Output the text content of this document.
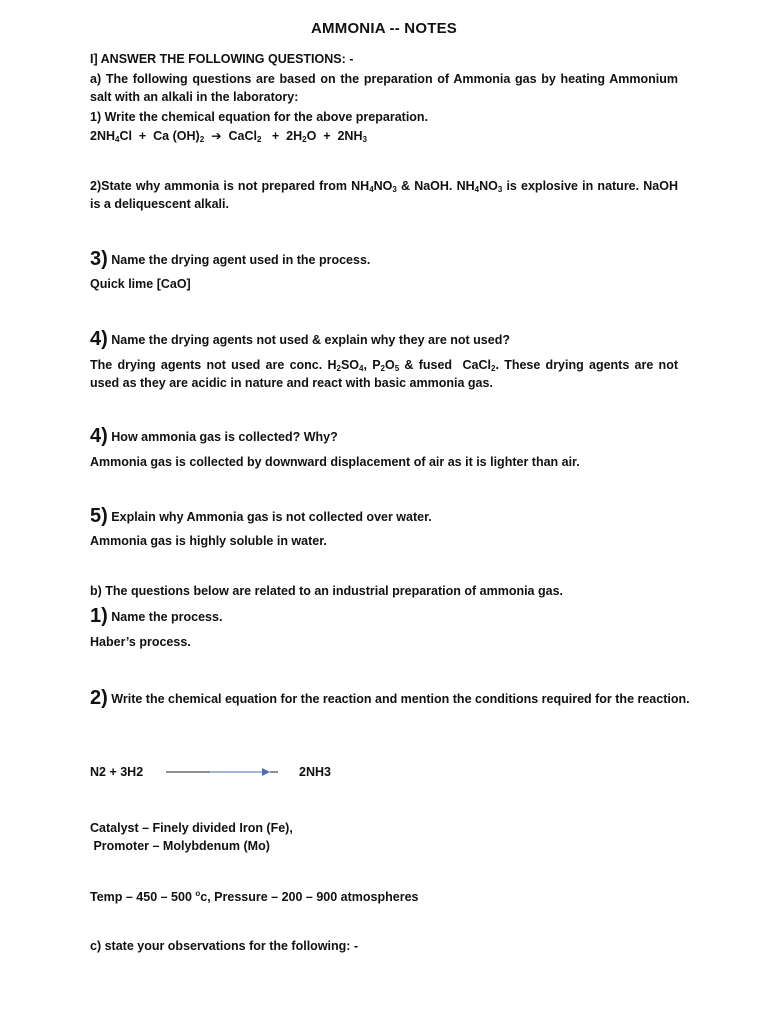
AMMONIA -- NOTES
I] ANSWER THE FOLLOWING QUESTIONS: -
a) The following questions are based on the preparation of Ammonia gas by heating Ammonium salt with an alkali in the laboratory:
1) Write the chemical equation for the above preparation.
$2NH_4Cl + Ca$ $(OH)_2$  ➔  CaCl$_2$   +  $2H_2O + 2NH_3$
2)State why ammonia is not prepared from $NH_4NO_3$ & NaOH. $NH_4NO_3$ is explosive in nature. NaOH is a deliquescent alkali.
3) Name the drying agent used in the process.
Quick lime [CaO]
4) Name the drying agents not used & explain why they are not used?
The drying agents not used are conc. $H_2SO_4$, $P_2O_5$ & fused  CaCl$_2$. These drying agents are not used as they are acidic in nature and react with basic ammonia gas.
4) How ammonia gas is collected? Why?
Ammonia gas is collected by downward displacement of air as it is lighter than air.
5) Explain why Ammonia gas is not collected over water.
Ammonia gas is highly soluble in water.
b) The questions below are related to an industrial preparation of ammonia gas.
1) Name the process.
Haber’s process.
2) Write the chemical equation for the reaction and mention the conditions required for the reaction.
N2 + 3H2	2NH3
Catalyst – Finely divided Iron (Fe),
Promoter – Molybdenum (Mo)
Temp – 450 – 500 $^o$c, Pressure – 200 – 900 atmospheres
c) state your observations for the following: -
